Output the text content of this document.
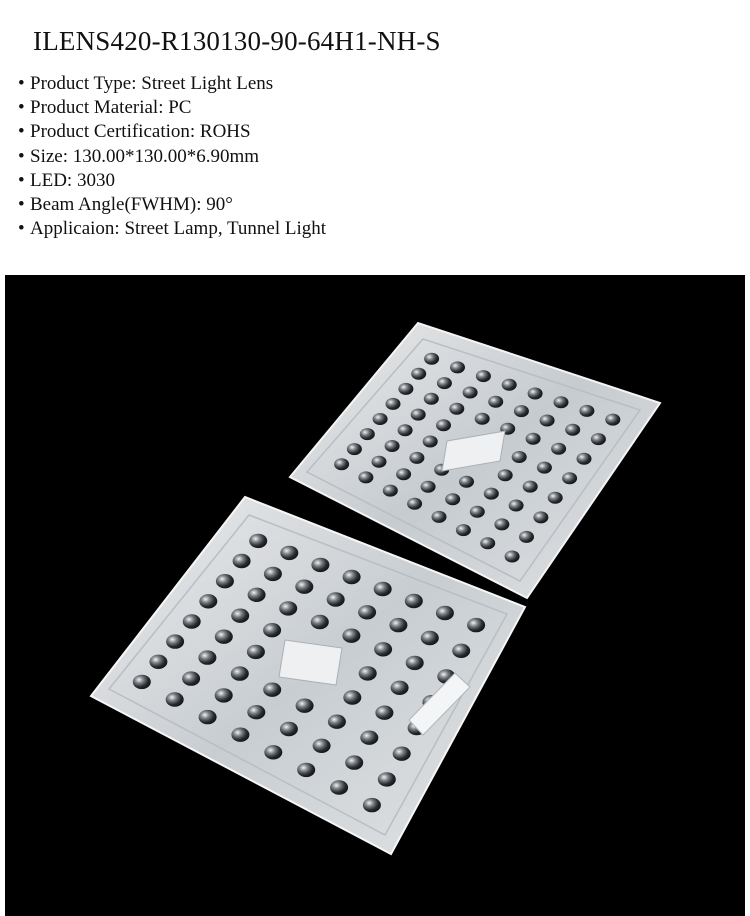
ILENS420-R130130-90-64H1-NH-S
• Product Type: Street Light Lens
• Product Material: PC
• Product Certification: ROHS
• Size: 130.00*130.00*6.90mm
• LED: 3030
• Beam Angle(FWHM): 90°
• Applicaion: Street Lamp, Tunnel Light
